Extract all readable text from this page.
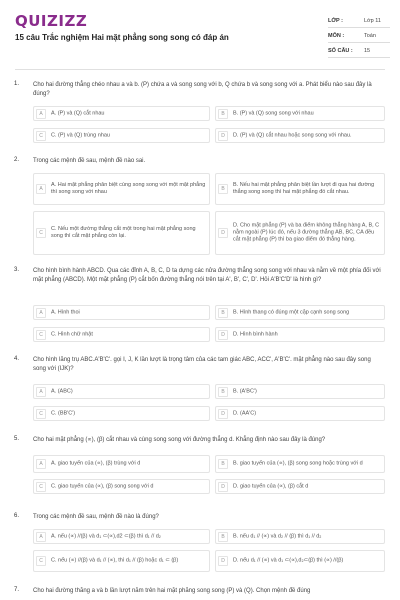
QUIZIZZ
15 câu Trắc nghiệm Hai mặt phẳng song song có đáp án
LỚP :	Lớp 11
MÔN :	Toán
SỐ CÂU : 15
1. Cho hai đường thẳng chéo nhau a và b. (P) chứa a và song song với b, Q chứa b và song song với a. Phát biểu nào sau đây là đúng?
A	A. (P) và (Q) cắt nhau	B	B. (P) và (Q) song song với nhau
C	C. (P) và (Q) trùng nhau	D	D. (P) và (Q) cắt nhau hoặc song song với nhau.
2. Trong các mệnh đề sau, mệnh đề nào sai.
A
A. Hai mặt phẳng phân biệt cùng song song với một mặt phẳng thì song song với nhau	B
B. Nếu hai mặt phẳng phân biệt lần lượt đi qua hai đường thẳng song song thì hai mặt phẳng đó cắt nhau.
C
C. Nếu một đường thẳng cắt một trong hai mặt phẳng song song thì cắt mặt phẳng còn lại.	D
D. Cho mặt phẳng (P) và ba điểm không thẳng hàng A, B, C nằm ngoài (P) lúc đó, nếu 3 đường thẳng AB, BC, CA đều cắt mặt phẳng (P) thì ba giao điểm đó thẳng hàng.
3. Cho hình bình hành ABCD. Qua các đỉnh A, B, C, D ta dựng các nửa đường thẳng song song với nhau và nằm về một phía đối với mặt phẳng (ABCD). Một mặt phẳng (P) cắt bốn đường thẳng nói trên tại A', B', C', D'. Hỏi A'B'C'D' là hình gì?
A	A. Hình thoi	B	B. Hình thang có đúng một cặp cạnh song song
C	C. Hình chữ nhật	D	D. Hình bình hành
4. Cho hình lăng trụ ABC.A'B'C'. gọi I, J, K lần lượt là trọng tâm của các tam giác ABC, ACC', A'B'C'. mặt phẳng nào sau đây song song với (IJK)?
A	A. (ABC)	B	B. (A'BC')
C	C. (BB'C')	D	D. (AA'C)
5. Cho hai mặt phẳng (∝), (β) cắt nhau và cùng song song với đường thẳng d. Khẳng định nào sau đây là đúng?
A	A. giao tuyến của (∝), (β) trùng với d	B	B. giao tuyến của (∝), (β) song song hoặc trùng với d
C	C. giao tuyến của (∝), (β) song song với d	D	D. giao tuyến của (∝), (β) cắt d
6. Trong các mệnh đề sau, mệnh đề nào là đúng?
A	A. nếu (∝) //(β) và d₁ ⊂(∝),d2 ⊂(β) thì d₁ // d₂	B	B. nếu d₁ // (∝) và d₂ // (β) thì d₁ // d₂
C	C. nếu (∝) //(β) và d₁ // (∝), thì d₁ // (β) hoặc d₁ ⊂ (β)	D	D. nếu d₁ // (∝) và d₁ ⊂(∝),d₂⊂(β) thì (∝) //(β)
7. Cho hai đường thẳng a và b lần lượt nằm trên hai mặt phẳng song song (P) và (Q). Chọn mệnh đề đúng
